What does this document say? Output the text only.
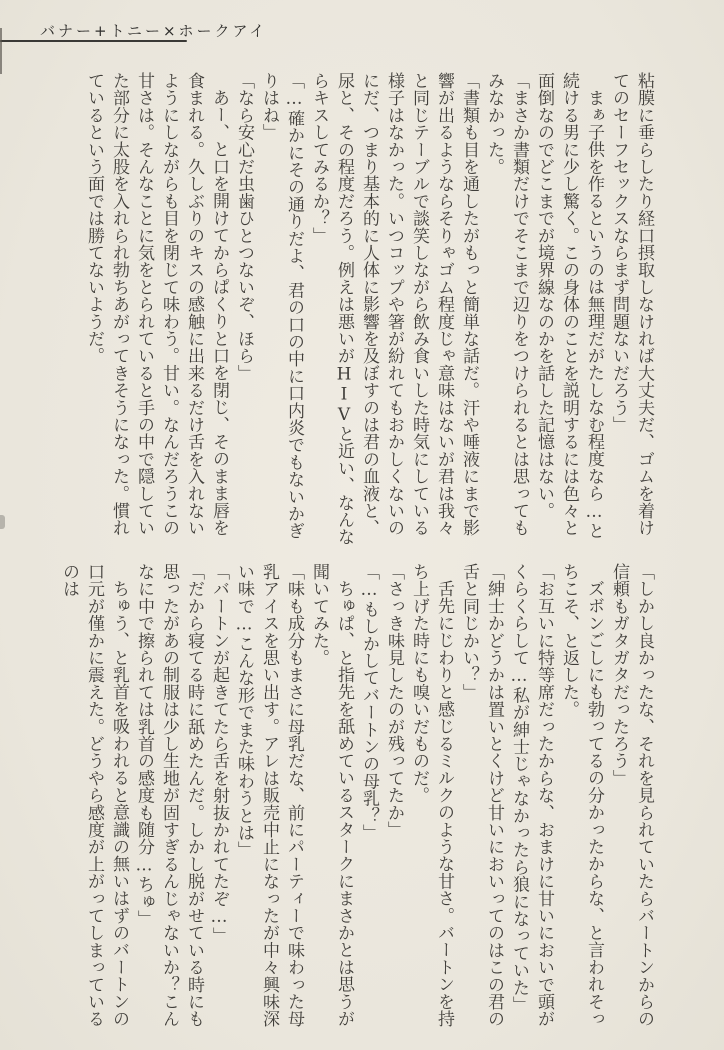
バナー+トニー×ホークアイ

粘膜に垂らしたり経口摂取しなければ大丈夫だ、ゴムを着けてのセーフセックスならまず問題ないだろう」

まぁ子供を作るというのは無理だがたしなむ程度なら…と続ける男に少し驚く。この身体のことを説明するには色々と面倒なのでどこまでが境界線なのかを話した記憶はない。

「まさか書類だけでそこまで辺りをつけられるとは思ってもみなかった。

「書類も目を通したがもっと簡単な話だ。汗や唾液にまで影響が出るようならそりゃゴム程度じゃ意味はないが君は我々と同じテーブルで談笑しながら飲み食いした時気にしている様子はなかった。いつコップや箸が紛れてもおかしくないのにだ、つまり基本的に人体に影響を及ぼすのは君の血液と、尿と、その程度だろう。例えは悪いがHIVと近い、なんならキスしてみるか？」

「…確かにその通りだよ、君の口の中に口内炎でもないかぎりはね」

「なら安心だ虫歯ひとつないぞ、ほら」

あー、と口を開けてからぱくりと口を閉じ、そのまま唇を食まれる。久しぶりのキスの感触に出来るだけ舌を入れないようにしながらも目を閉じて味わう。甘い。なんだろうこの甘さは。そんなことに気をとられていると手の中で隠していた部分に太股を入れられ勃ちあがってきそうになった。慣れているという面では勝てないようだ。

「しかし良かったな、それを見られていたらバートンからの信頼もガタガタだったろう」

ズボンごしにも勃ってるの分かったからな、と言われそっちこそ、と返した。

「お互いに特等席だったからな、おまけに甘いにおいで頭がくらくらして…私が紳士じゃなかったら狼になっていた」

「紳士かどうかは置いとくけど甘いにおいってのはこの君の舌と同じかい？」

舌先にじわりと感じるミルクのような甘さ。バートンを持ち上げた時にも嗅いだものだ。

「さっき味見したのが残ってたか」

「…もしかしてバートンの母乳？」

ちゅぱ、と指先を舐めているスタークにまさかとは思うが聞いてみた。

「味も成分もまさに母乳だな、前にパーティーで味わった母乳アイスを思い出す。アレは販売中止になったが中々興味深い味で…こんな形でまた味わうとは」

「バートンが起きてたら舌を射抜かれてたぞ…」

「だから寝てる時に舐めたんだ。しかし脱がせている時にも思ったがあの制服は少し生地が固すぎるんじゃないか？こんなに中で擦られては乳首の感度も随分…ちゅ」

ちゅう、と乳首を吸われると意識の無いはずのバートンの口元が僅かに震えた。どうやら感度が上がってしまっているのは
